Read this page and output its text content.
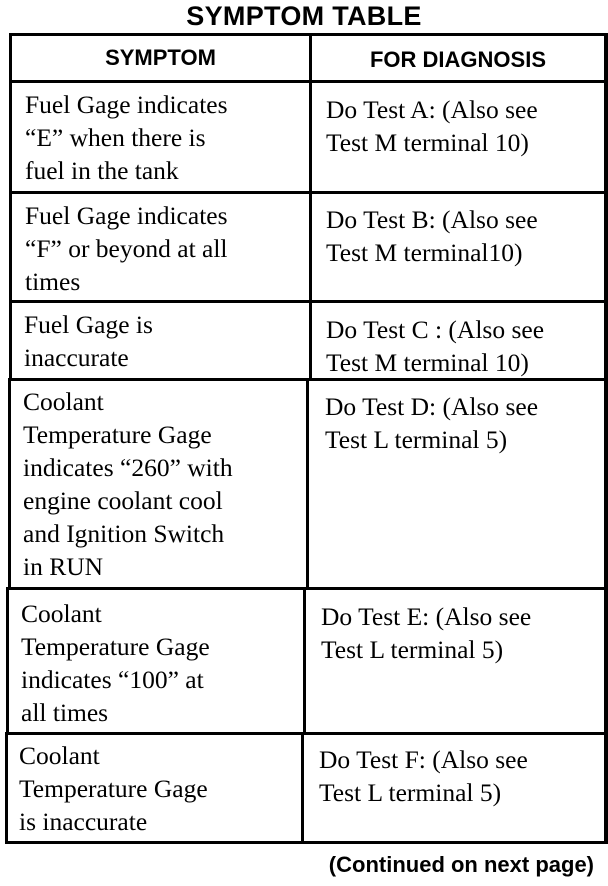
SYMPTOM TABLE
SYMPTOM	FOR DIAGNOSIS
Fuel Gage indicates
“E” when there is
fuel in the tank
Do Test A: (Also see
Test M terminal 10)
Fuel Gage indicates
“F” or beyond at all
times
Do Test B: (Also see
Test M terminal10)
Fuel Gage is
inaccurate
Do Test C : (Also see
Test M terminal 10)
Coolant
Temperature Gage
indicates “260” with
engine coolant cool
and Ignition Switch
in RUN
Do Test D: (Also see
Test L terminal 5)
Coolant
Temperature Gage
indicates “100” at
all times
Do Test E: (Also see
Test L terminal 5)
Coolant
Temperature Gage
is inaccurate
Do Test F: (Also see
Test L terminal 5)
(Continued on next page)
